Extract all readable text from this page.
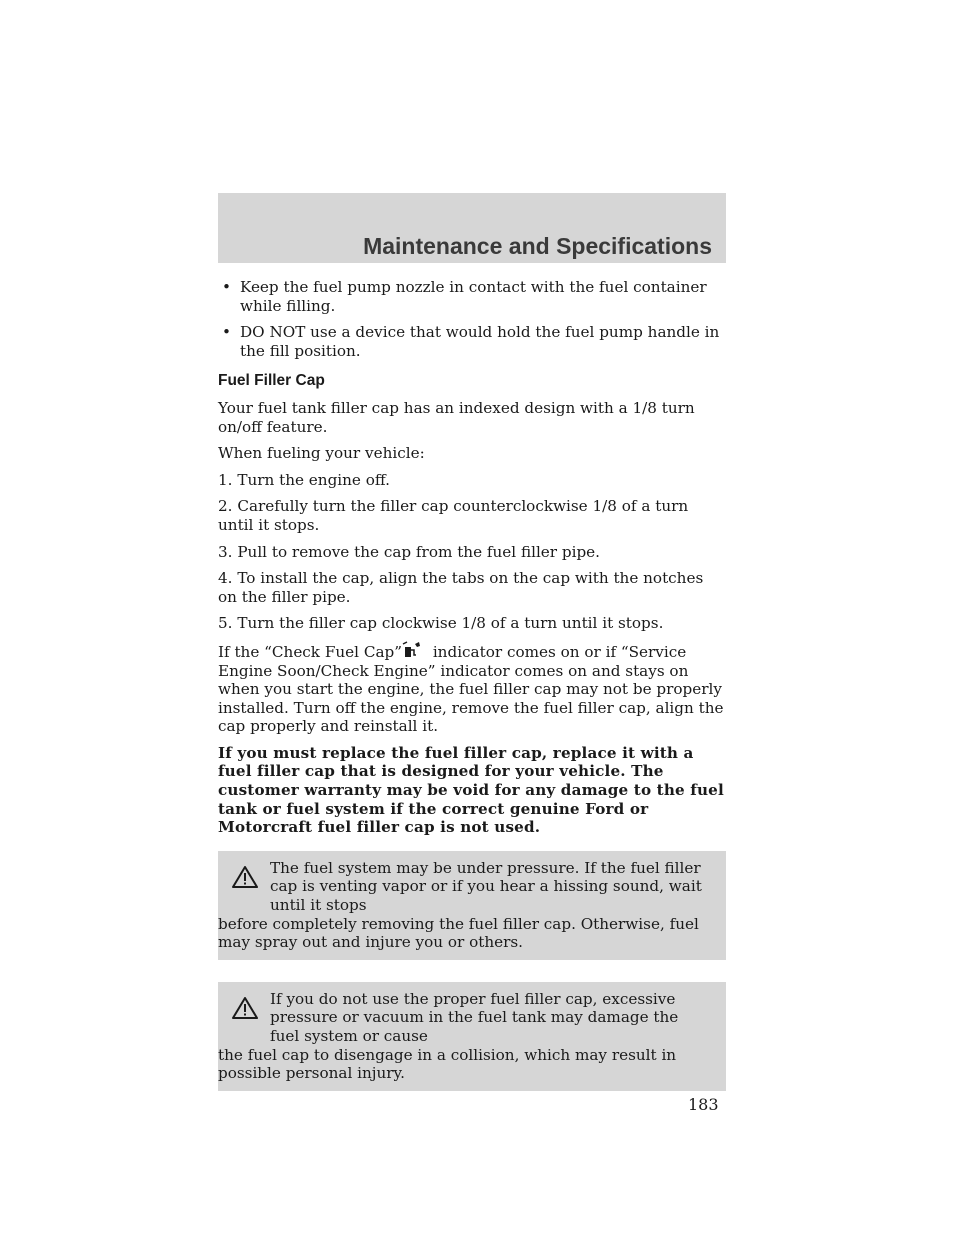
Maintenance and Specifications
• Keep the fuel pump nozzle in contact with the fuel container while filling.
• DO NOT use a device that would hold the fuel pump handle in the fill position.
Fuel Filler Cap

Your fuel tank filler cap has an indexed design with a 1/8 turn on/off feature.

When fueling your vehicle:

1. Turn the engine off.

2. Carefully turn the filler cap counterclockwise 1/8 of a turn until it stops.

3. Pull to remove the cap from the fuel filler pipe.

4. To install the cap, align the tabs on the cap with the notches on the filler pipe.

5. Turn the filler cap clockwise 1/8 of a turn until it stops.

If the “Check Fuel Cap” indicator comes on or if “Service Engine Soon/Check Engine” indicator comes on and stays on when you start the engine, the fuel filler cap may not be properly installed. Turn off the engine, remove the fuel filler cap, align the cap properly and reinstall it.

If you must replace the fuel filler cap, replace it with a fuel filler cap that is designed for your vehicle. The customer warranty may be void for any damage to the fuel tank or fuel system if the correct genuine Ford or Motorcraft fuel filler cap is not used.

The fuel system may be under pressure. If the fuel filler cap is venting vapor or if you hear a hissing sound, wait until it stops
before completely removing the fuel filler cap. Otherwise, fuel may spray out and injure you or others.
If you do not use the proper fuel filler cap, excessive pressure or vacuum in the fuel tank may damage the fuel system or cause
the fuel cap to disengage in a collision, which may result in possible personal injury.
183
